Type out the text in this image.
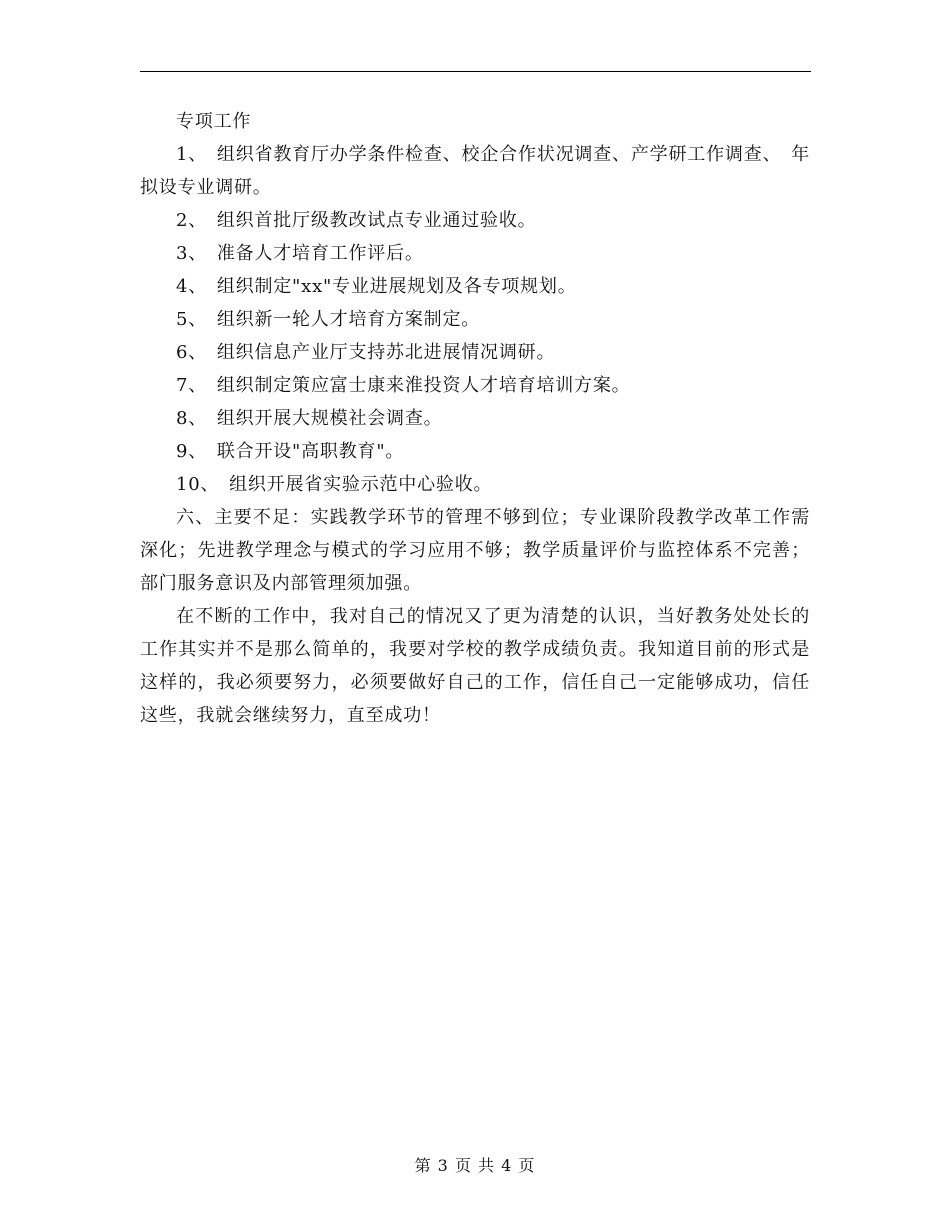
专项工作

1、　组织省教育厅办学条件检查、校企合作状况调查、产学研工作调查、　年拟设专业调研。

2、　组织首批厅级教改试点专业通过验收。

3、　准备人才培育工作评后。

4、　组织制定"xx"专业进展规划及各专项规划。

5、　组织新一轮人才培育方案制定。

6、　组织信息产业厅支持苏北进展情况调研。

7、　组织制定策应富士康来淮投资人才培育培训方案。

8、　组织开展大规模社会调查。

9、　联合开设"高职教育"。

10、　组织开展省实验示范中心验收。

六、主要不足：实践教学环节的管理不够到位；专业课阶段教学改革工作需深化；先进教学理念与模式的学习应用不够；教学质量评价与监控体系不完善；部门服务意识及内部管理须加强。

在不断的工作中，我对自己的情况又了更为清楚的认识，当好教务处处长的工作其实并不是那么简单的，我要对学校的教学成绩负责。我知道目前的形式是这样的，我必须要努力，必须要做好自己的工作，信任自己一定能够成功，信任这些，我就会继续努力，直至成功！

第 3 页 共 4 页
